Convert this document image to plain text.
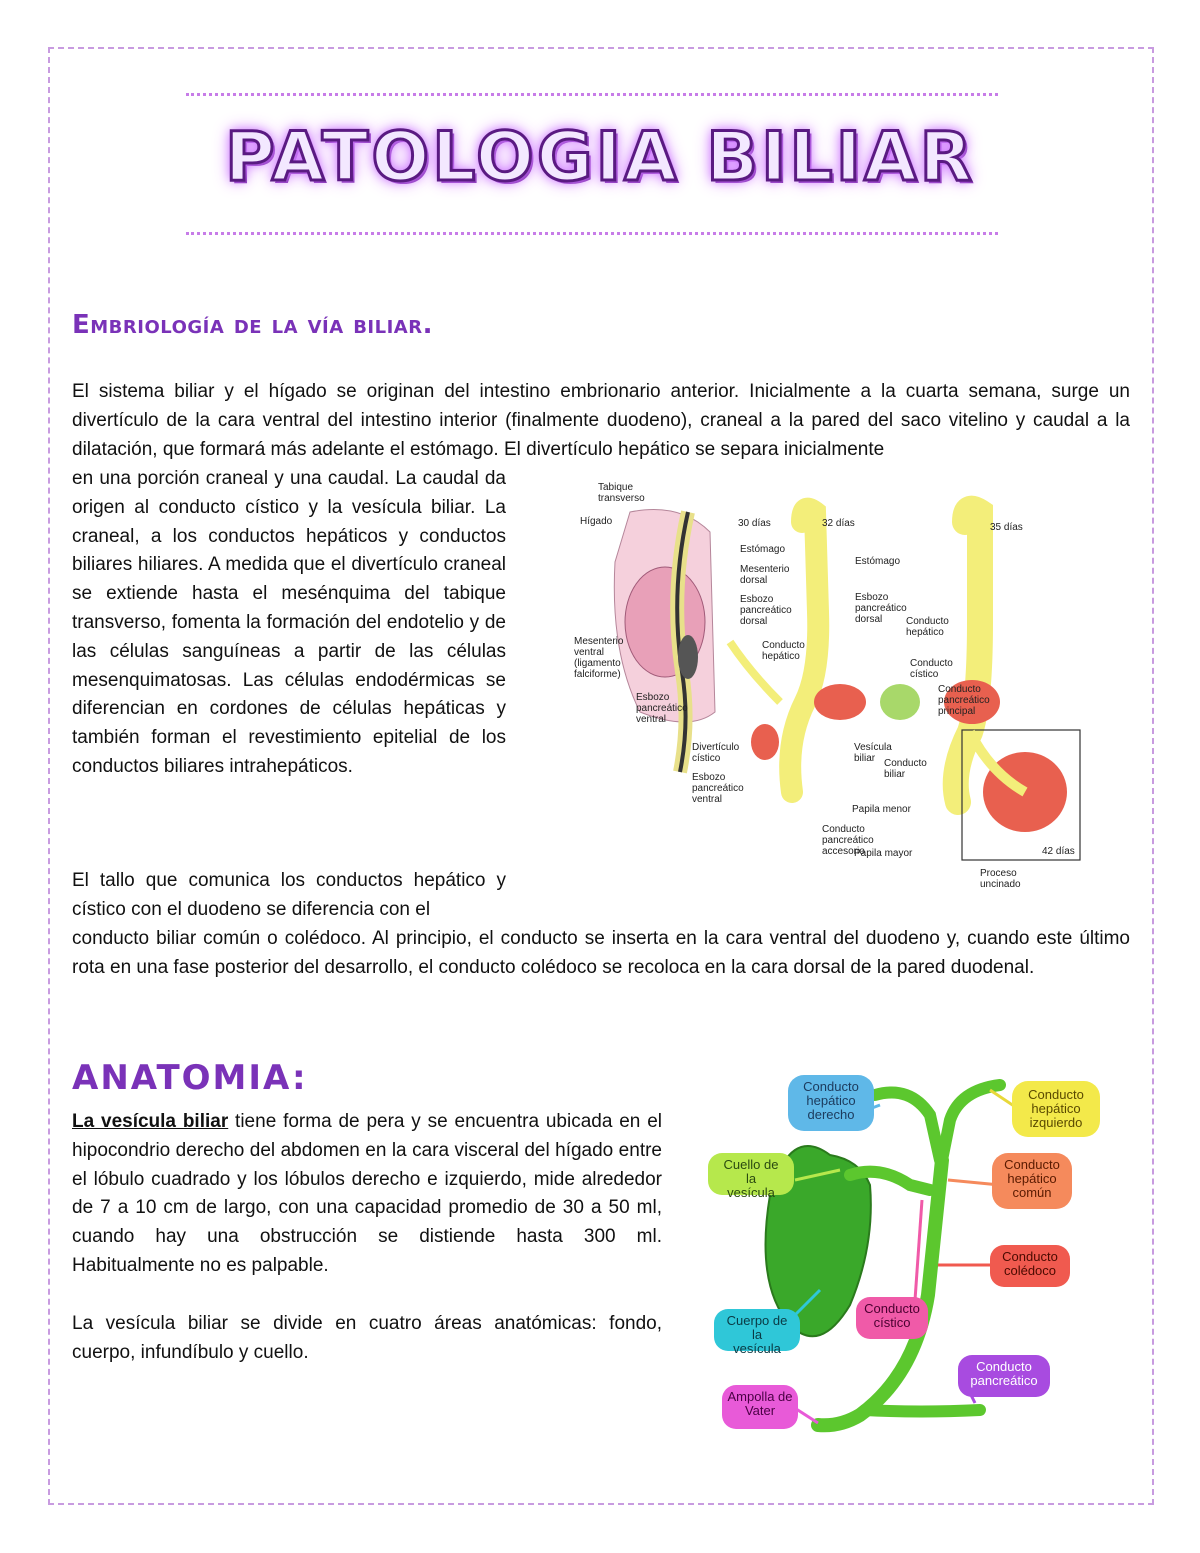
PATOLOGIA BILIAR
Embriología de la vía biliar.

El sistema biliar y el hígado se originan del intestino embrionario anterior. Inicialmente a la cuarta semana, surge un divertículo de la cara ventral del intestino interior (finalmente duodeno), craneal a la pared del saco vitelino y caudal a la dilatación, que formará más adelante el estómago. El divertículo hepático se separa inicialmente

en una porción craneal y una caudal. La caudal da origen al conducto cístico y la vesícula biliar. La craneal, a los conductos hepáticos y conductos biliares hiliares. A medida que el divertículo craneal se extiende hasta el mesénquima del tabique transverso, fomenta la formación del endotelio y de las células sanguíneas a partir de las células mesenquimatosas. Las células endodérmicas se diferencian en cordones de células hepáticas y también forman el revestimiento epitelial de los conductos biliares intrahepáticos.

El tallo que comunica los conductos hepático y cístico con el duodeno se diferencia con el

conducto biliar común o colédoco. Al principio, el conducto se inserta en la cara ventral del duodeno y, cuando este último rota en una fase posterior del desarrollo, el conducto colédoco se recoloca en la cara dorsal de la pared duodenal.

Tabique transverso
Hígado	30 días	32 días	35 días
Estómago
Mesenterio dorsal
Esbozo pancreático dorsal
Estómago
Esbozo pancreático dorsal
Conducto hepático
Conducto hepático
Conducto cístico
Mesenterio ventral (ligamento falciforme)
Esbozo pancreático ventral
Divertículo cístico
Esbozo pancreático ventral
Vesícula biliar Conducto biliar
Conducto pancreático principal
Papila menor
Conducto pancreático accesorio
Papila mayor	42 días
Proceso uncinado
ANATOMIA:

La vesícula biliar tiene forma de pera y se encuentra ubicada en el hipocondrio derecho del abdomen en la cara visceral del hígado entre el lóbulo cuadrado y los lóbulos derecho e izquierdo, mide alrededor de 7 a 10 cm de largo, con una capacidad promedio de 30 a 50 ml, cuando hay una obstrucción se distiende hasta 300 ml. Habitualmente no es palpable.

La vesícula biliar se divide en cuatro áreas anatómicas: fondo, cuerpo, infundíbulo y cuello.

Conducto hepático derecho
Conducto hepático izquierdo
Cuello de la vesícula
Conducto hepático común
Conducto colédoco
Cuerpo de la vesícula
Conducto cístico
Conducto pancreático
Ampolla de Vater
